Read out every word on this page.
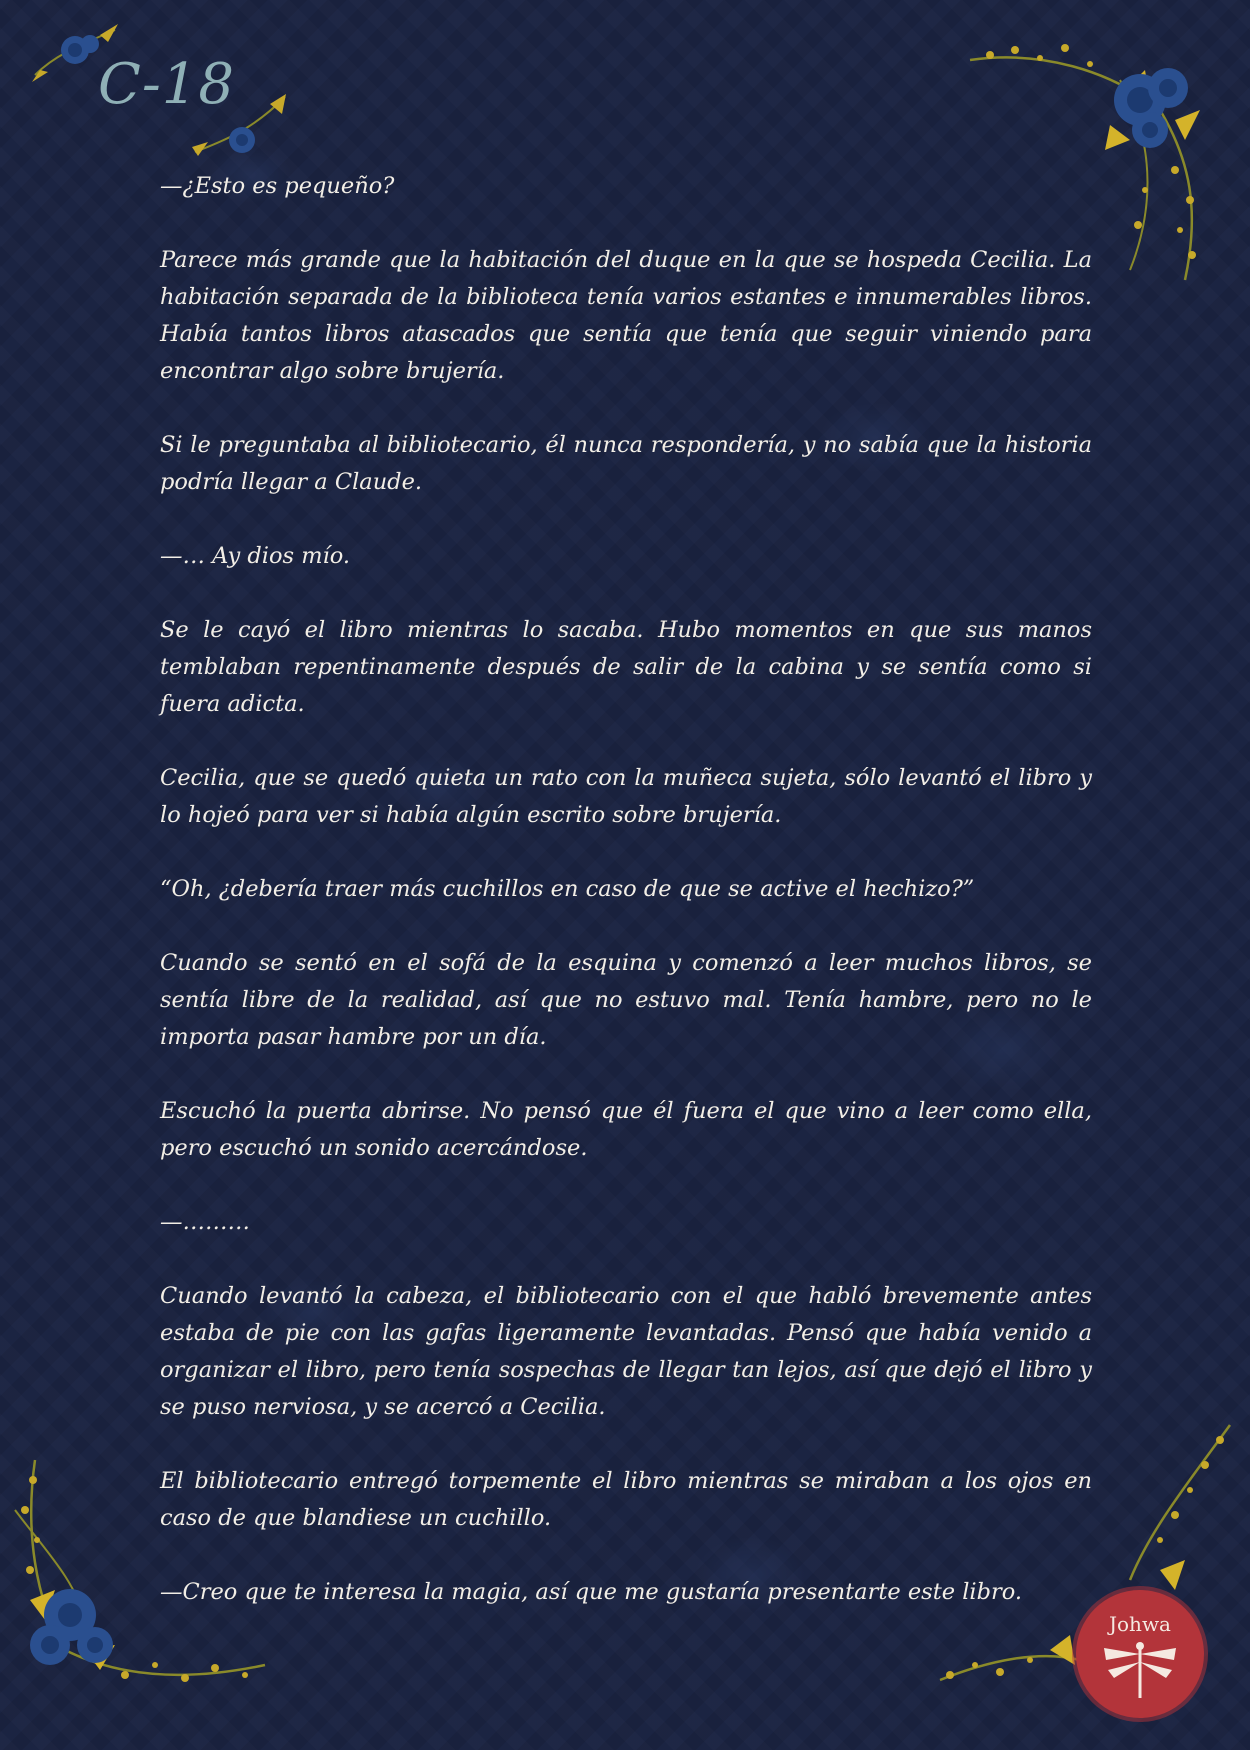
C-18
Johwa

—¿Esto es pequeño?

Parece más grande que la habitación del duque en la que se hospeda Cecilia. La habitación separada de la biblioteca tenía varios estantes e innumerables libros. Había tantos libros atascados que sentía que tenía que seguir viniendo para encontrar algo sobre brujería.

Si le preguntaba al bibliotecario, él nunca respondería, y no sabía que la historia podría llegar a Claude.

—… Ay dios mío.

Se le cayó el libro mientras lo sacaba. Hubo momentos en que sus manos temblaban repentinamente después de salir de la cabina y se sentía como si fuera adicta.

Cecilia, que se quedó quieta un rato con la muñeca sujeta, sólo levantó el libro y lo hojeó para ver si había algún escrito sobre brujería.

“Oh, ¿debería traer más cuchillos en caso de que se active el hechizo?”

Cuando se sentó en el sofá de la esquina y comenzó a leer muchos libros, se sentía libre de la realidad, así que no estuvo mal. Tenía hambre, pero no le importa pasar hambre por un día.

Escuchó la puerta abrirse. No pensó que él fuera el que vino a leer como ella, pero escuchó un sonido acercándose.

—………

Cuando levantó la cabeza, el bibliotecario con el que habló brevemente antes estaba de pie con las gafas ligeramente levantadas. Pensó que había venido a organizar el libro, pero tenía sospechas de llegar tan lejos, así que dejó el libro y se puso nerviosa, y se acercó a Cecilia.

El bibliotecario entregó torpemente el libro mientras se miraban a los ojos en caso de que blandiese un cuchillo.

—Creo que te interesa la magia, así que me gustaría presentarte este libro.
